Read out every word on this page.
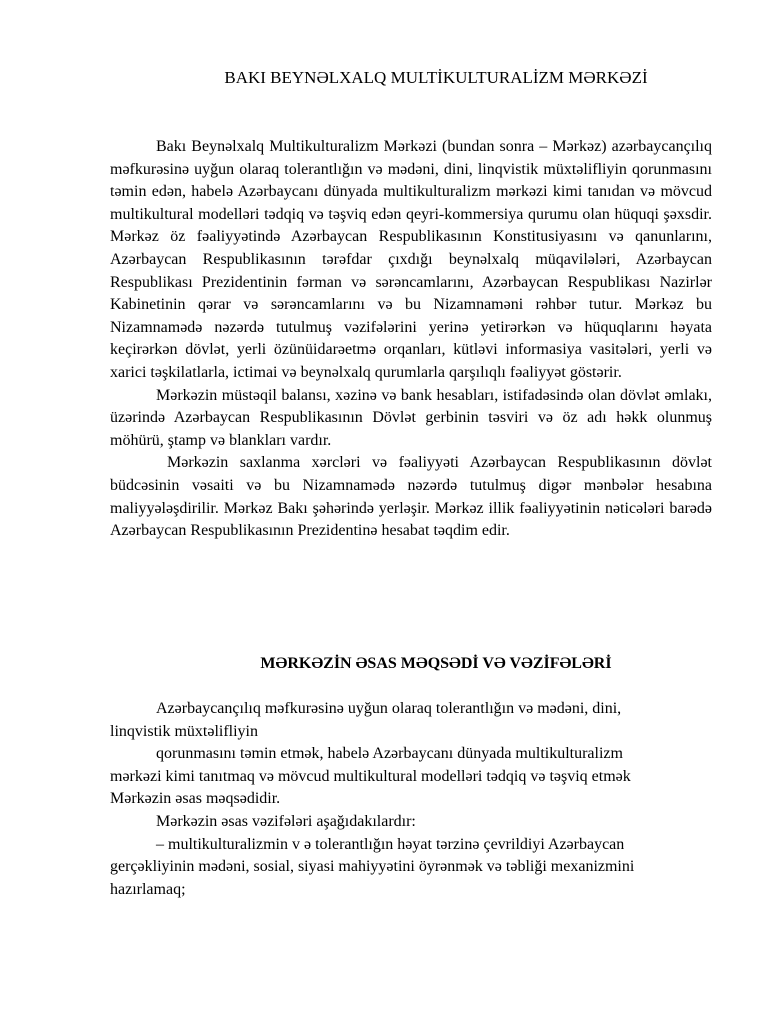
BAKI BEYNƏLXALQ MULTİKULTURALİZM MƏRKƏZİ

Bakı Beynəlxalq Multikulturalizm Mərkəzi (bundan sonra – Mərkəz) azərbaycançılıq məfkurəsinə uyğun olaraq tolerantlığın və mədəni, dini, linqvistik müxtəlifliyin qorunmasını təmin edən, habelə Azərbaycanı dünyada multikulturalizm mərkəzi kimi tanıdan və mövcud multikultural modelləri tədqiq və təşviq edən qeyri-kommersiya qurumu olan hüquqi şəxsdir. Mərkəz öz fəaliyyətində Azərbaycan Respublikasının Konstitusiyasını və qanunlarını, Azərbaycan Respublikasının tərəfdar çıxdığı beynəlxalq müqavilələri, Azərbaycan Respublikası Prezidentinin fərman və sərəncamlarını, Azərbaycan Respublikası Nazirlər Kabinetinin qərar və sərəncamlarını və bu Nizamnaməni rəhbər tutur. Mərkəz bu Nizamnamədə nəzərdə tutulmuş vəzifələrini yerinə yetirərkən və hüquqlarını həyata keçirərkən dövlət, yerli özünüidarəetmə orqanları, kütləvi informasiya vasitələri, yerli və xarici təşkilatlarla, ictimai və beynəlxalq qurumlarla qarşılıqlı fəaliyyət göstərir.

Mərkəzin müstəqil balansı, xəzinə və bank hesabları, istifadəsində olan dövlət əmlakı, üzərində Azərbaycan Respublikasının Dövlət gerbinin təsviri və öz adı həkk olunmuş möhürü, ştamp və blankları vardır.

Mərkəzin saxlanma xərcləri və fəaliyyəti Azərbaycan Respublikasının dövlət büdcəsinin vəsaiti və bu Nizamnamədə nəzərdə tutulmuş digər mənbələr hesabına maliyyələşdirilir. Mərkəz Bakı şəhərində yerləşir. Mərkəz illik fəaliyyətinin nəticələri barədə Azərbaycan Respublikasının Prezidentinə hesabat təqdim edir.

MƏRKƏZİN ƏSAS MƏQSƏDİ VƏ VƏZİFƏLƏRİ

Azərbaycançılıq məfkurəsinə uyğun olaraq tolerantlığın və mədəni, dini,

linqvistik müxtəlifliyin

qorunmasını təmin etmək, habelə Azərbaycanı dünyada multikulturalizm

mərkəzi kimi tanıtmaq və mövcud multikultural modelləri tədqiq və təşviq etmək

Mərkəzin əsas məqsədidir.

Mərkəzin əsas vəzifələri aşağıdakılardır:

– multikulturalizmin v ə tolerantlığın həyat tərzinə çevrildiyi Azərbaycan

gerçəkliyinin mədəni, sosial, siyasi mahiyyətini öyrənmək və təbliği mexanizmini

hazırlamaq;
